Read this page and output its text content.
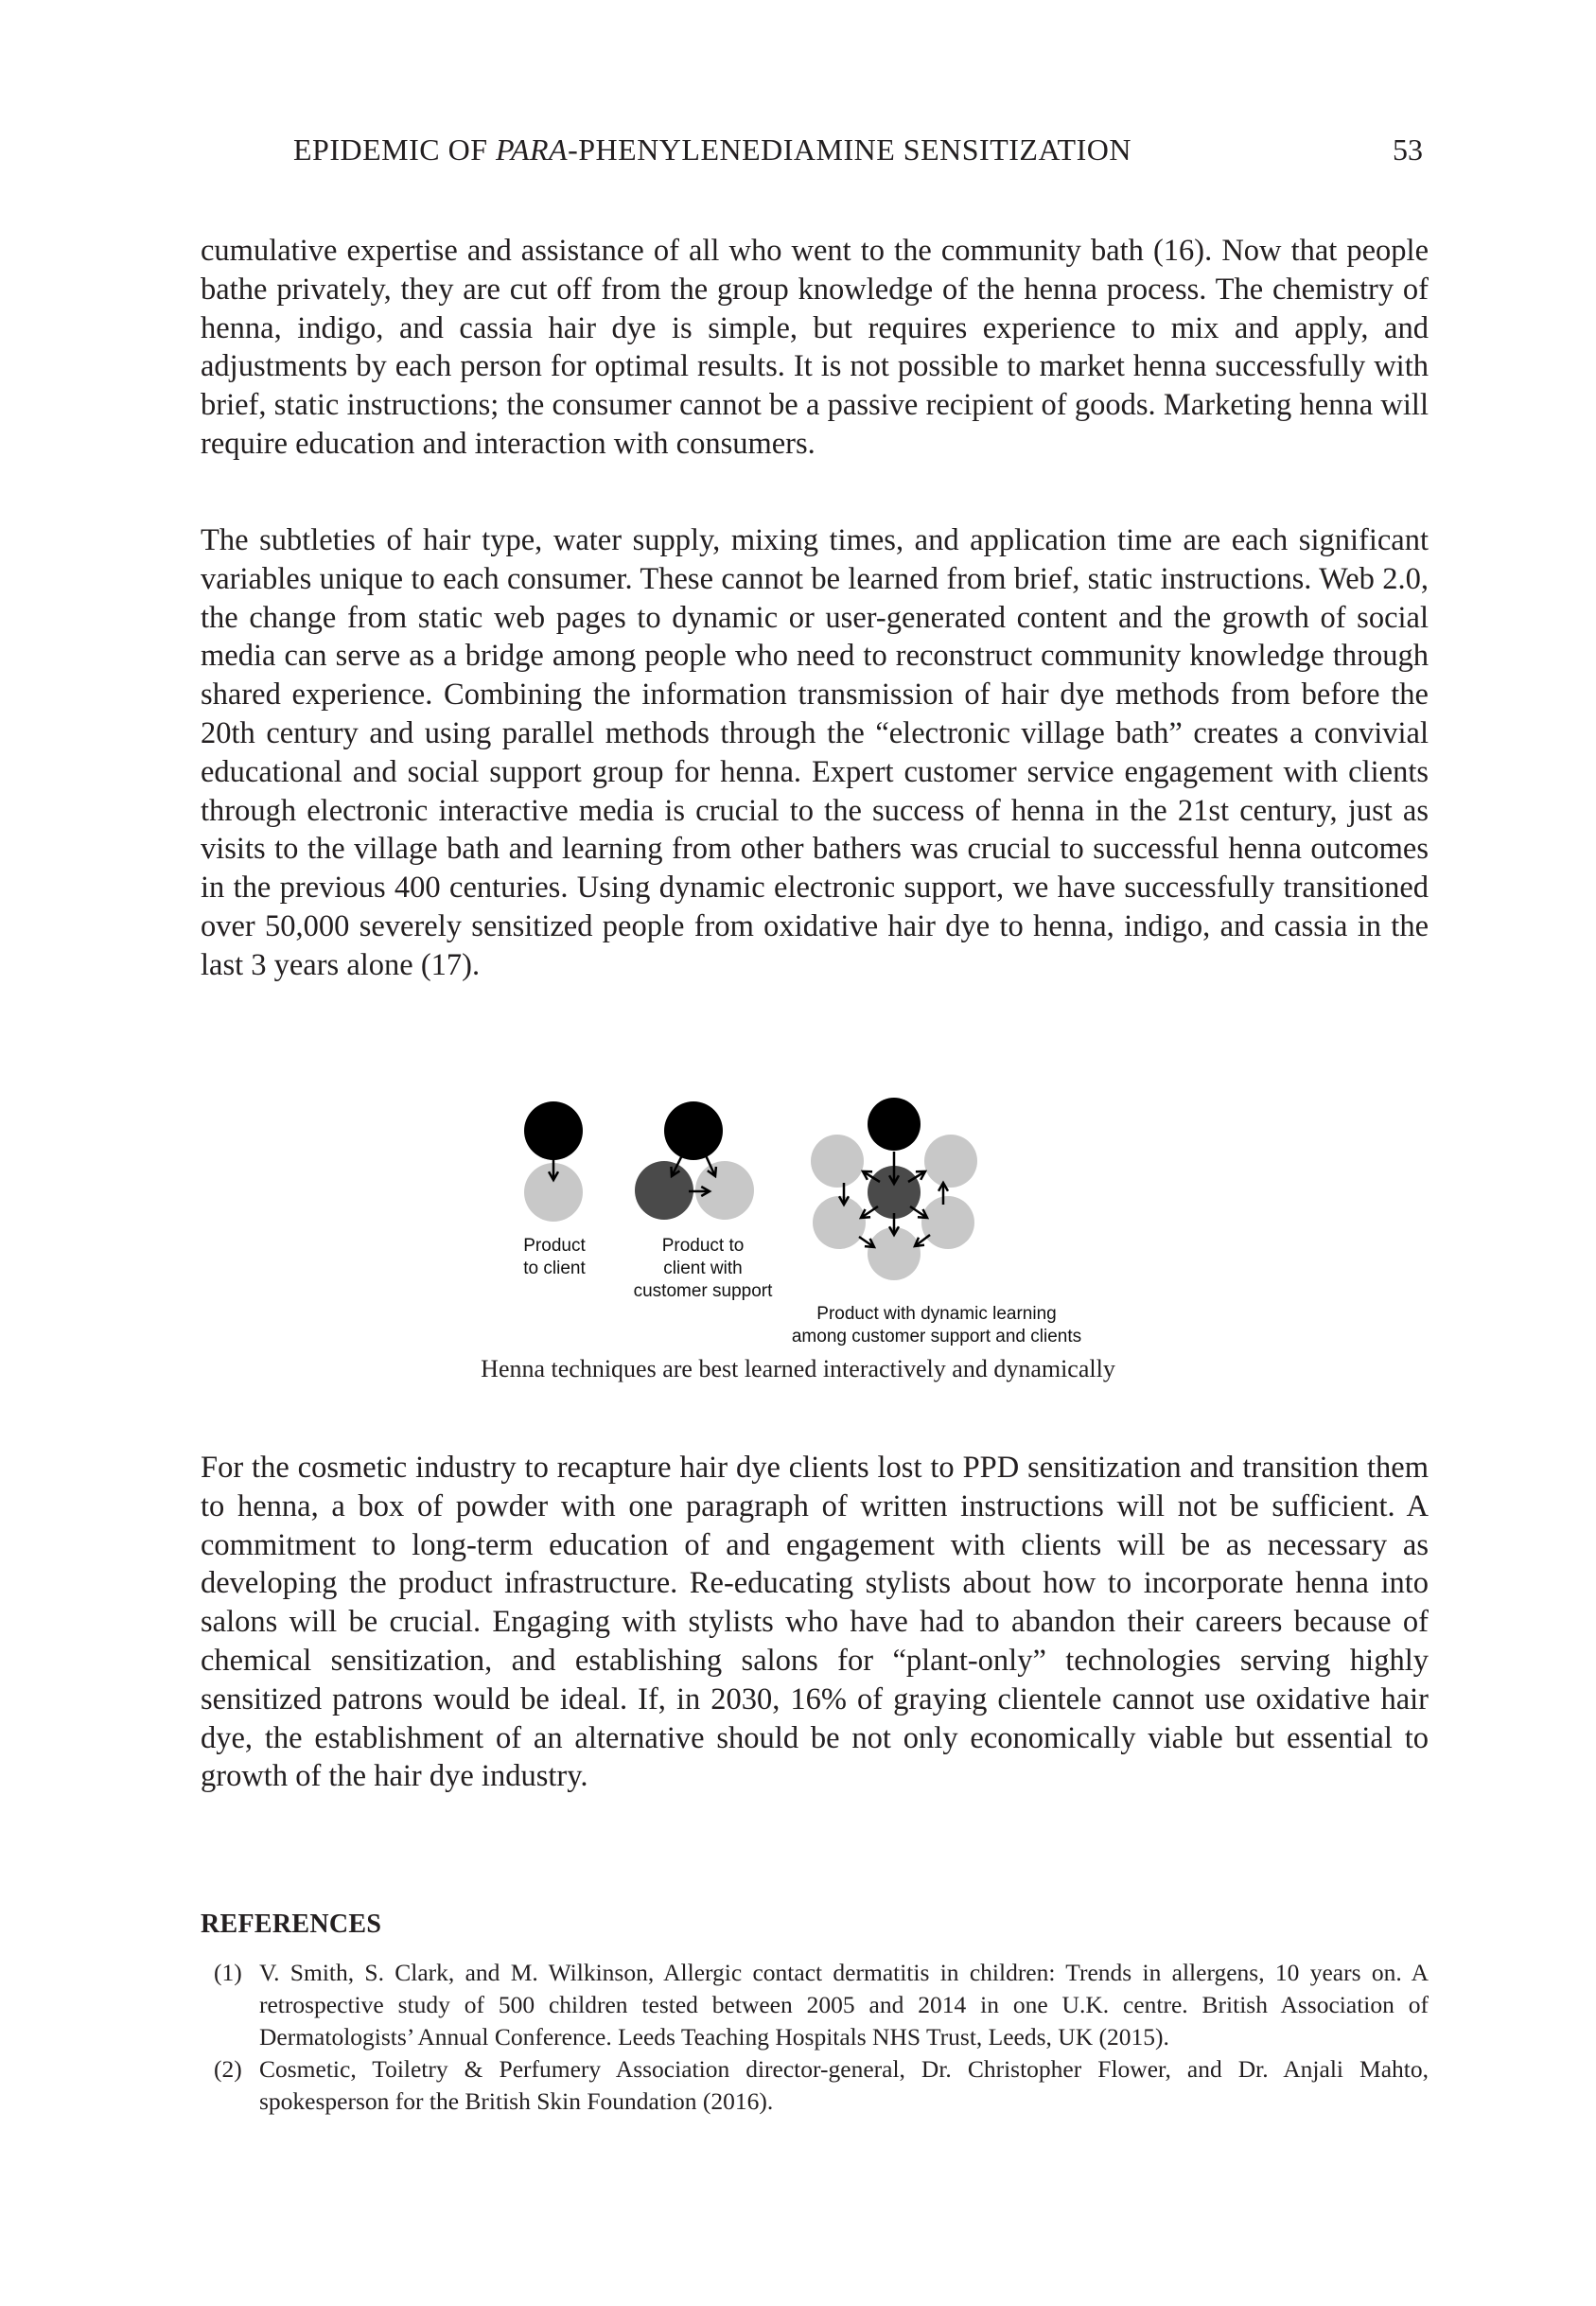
EPIDEMIC OF PARA-PHENYLENEDIAMINE SENSITIZATION	53

cumulative expertise and assistance of all who went to the community bath (16). Now that people bathe privately, they are cut off from the group knowledge of the henna process. The chemistry of henna, indigo, and cassia hair dye is simple, but requires experience to mix and apply, and adjustments by each person for optimal results. It is not possible to market henna successfully with brief, static instructions; the consumer cannot be a passive recipient of goods. Marketing henna will require education and interaction with consumers.

The subtleties of hair type, water supply, mixing times, and application time are each significant variables unique to each consumer. These cannot be learned from brief, static instructions. Web 2.0, the change from static web pages to dynamic or user-generated content and the growth of social media can serve as a bridge among people who need to reconstruct community knowledge through shared experience. Combining the information transmission of hair dye methods from before the 20th century and using parallel methods through the “electronic village bath” creates a convivial educational and social support group for henna. Expert customer service engagement with clients through electronic interactive media is crucial to the success of henna in the 21st century, just as visits to the village bath and learning from other bathers was crucial to successful henna outcomes in the previous 400 centuries. Using dynamic electronic support, we have successfully transitioned over 50,000 severely sensitized people from oxidative hair dye to henna, indigo, and cassia in the last 3 years alone (17).

Product
to client
Product to
client with
customer support
Product with dynamic learning
among customer support and clients
Henna techniques are best learned interactively and dynamically

For the cosmetic industry to recapture hair dye clients lost to PPD sensitization and transition them to henna, a box of powder with one paragraph of written instructions will not be sufficient. A commitment to long-term education of and engagement with clients will be as necessary as developing the product infrastructure. Re-educating stylists about how to incorporate henna into salons will be crucial. Engaging with stylists who have had to abandon their careers because of chemical sensitization, and establishing salons for “plant-only” technologies serving highly sensitized patrons would be ideal. If, in 2030, 16% of graying clientele cannot use oxidative hair dye, the establishment of an alternative should be not only economically viable but essential to growth of the hair dye industry.

REFERENCES
(1) V. Smith, S. Clark, and M. Wilkinson, Allergic contact dermatitis in children: Trends in allergens, 10 years on. A retrospective study of 500 children tested between 2005 and 2014 in one U.K. centre. British Association of Dermatologists’ Annual Conference. Leeds Teaching Hospitals NHS Trust, Leeds, UK (2015).
(2) Cosmetic, Toiletry & Perfumery Association director-general, Dr. Christopher Flower, and Dr. Anjali Mahto, spokesperson for the British Skin Foundation (2016).
